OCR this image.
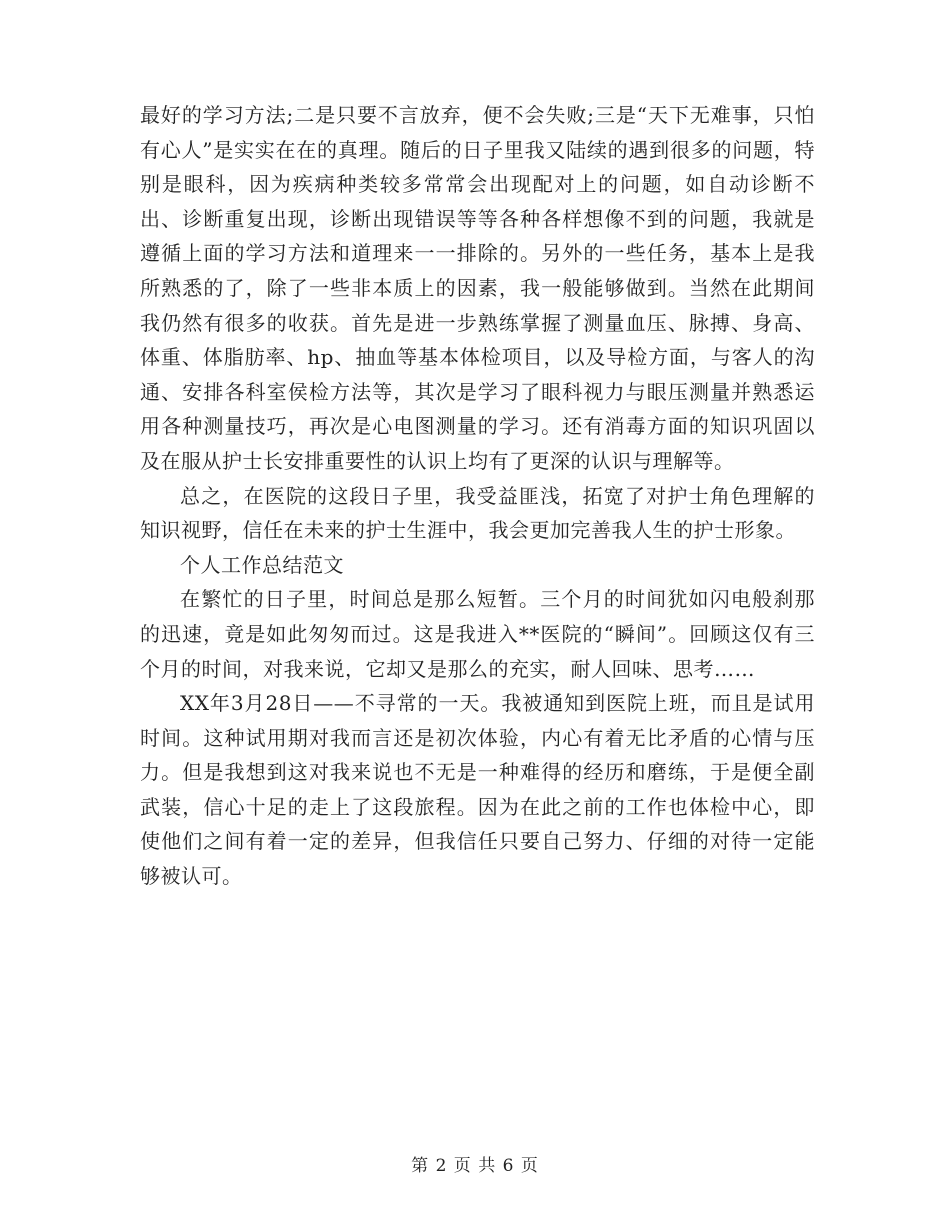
最好的学习方法;二是只要不言放弃，便不会失败;三是“天下无难事，只怕有心人”是实实在在的真理。随后的日子里我又陆续的遇到很多的问题，特别是眼科，因为疾病种类较多常常会出现配对上的问题，如自动诊断不出、诊断重复出现，诊断出现错误等等各种各样想像不到的问题，我就是遵循上面的学习方法和道理来一一排除的。另外的一些任务，基本上是我所熟悉的了，除了一些非本质上的因素，我一般能够做到。当然在此期间我仍然有很多的收获。首先是进一步熟练掌握了测量血压、脉搏、身高、体重、体脂肪率、hp、抽血等基本体检项目，以及导检方面，与客人的沟通、安排各科室侯检方法等，其次是学习了眼科视力与眼压测量并熟悉运用各种测量技巧，再次是心电图测量的学习。还有消毒方面的知识巩固以及在服从护士长安排重要性的认识上均有了更深的认识与理解等。

总之，在医院的这段日子里，我受益匪浅，拓宽了对护士角色理解的知识视野，信任在未来的护士生涯中，我会更加完善我人生的护士形象。

个人工作总结范文

在繁忙的日子里，时间总是那么短暂。三个月的时间犹如闪电般刹那的迅速，竟是如此匆匆而过。这是我进入**医院的“瞬间”。回顾这仅有三个月的时间，对我来说，它却又是那么的充实，耐人回味、思考……

XX年3月28日——不寻常的一天。我被通知到医院上班，而且是试用时间。这种试用期对我而言还是初次体验，内心有着无比矛盾的心情与压力。但是我想到这对我来说也不无是一种难得的经历和磨练，于是便全副武装，信心十足的走上了这段旅程。因为在此之前的工作也体检中心，即使他们之间有着一定的差异，但我信任只要自己努力、仔细的对待一定能够被认可。

第 2 页 共 6 页
